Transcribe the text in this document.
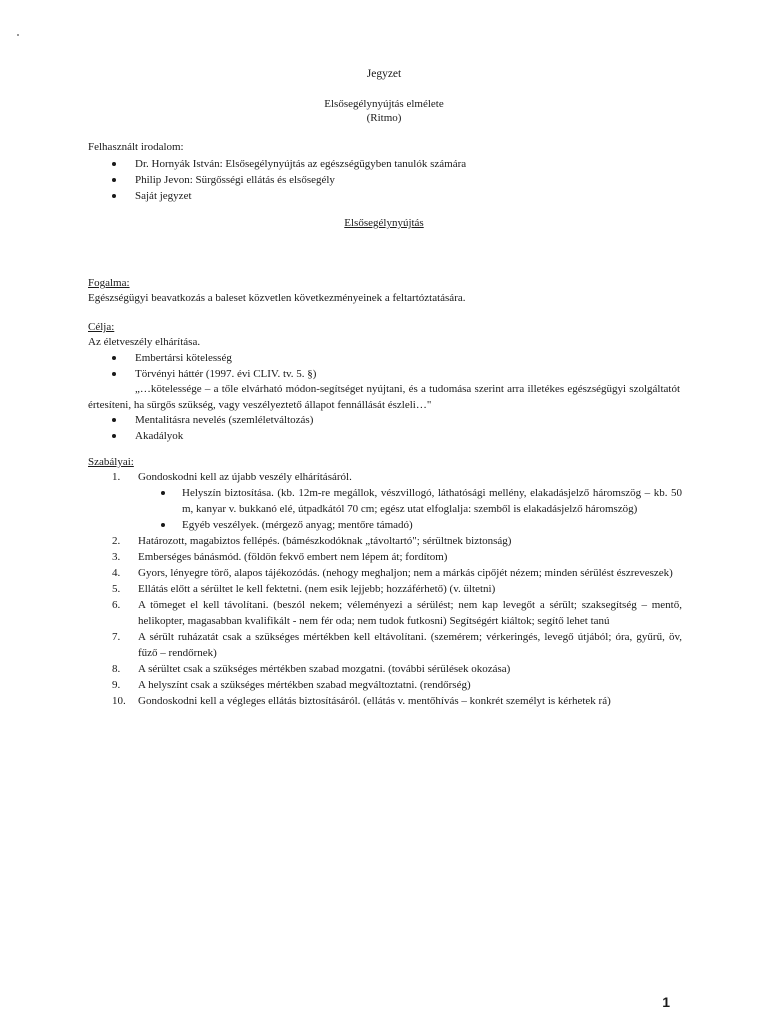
Jegyzet
Elsősegélynyújtás elmélete
(Ritmo)
Felhasznált irodalom:
Dr. Hornyák István: Elsősegélynyújtás az egészségügyben tanulók számára
Philip Jevon: Sürgősségi ellátás és elsősegély
Saját jegyzet
Elsősegélynyújtás
Fogalma:
Egészségügyi beavatkozás a baleset közvetlen következményeinek a feltartóztatására.
Célja:
Az életveszély elhárítása.
Embertársi kötelesség
Törvényi háttér (1997. évi CLIV. tv. 5. §)
„…kötelessége – a tőle elvárható módon-segítséget nyújtani, és a tudomása szerint arra illetékes egészségügyi szolgáltatót értesíteni, ha sürgős szükség, vagy veszélyeztető állapot fennállását észleli…"
Mentalitásra nevelés (szemléletváltozás)
Akadályok
Szabályai:
1.	Gondoskodni kell az újabb veszély elhárításáról.
Helyszín biztosítása. (kb. 12m-re megállok, vészvillogó, láthatósági mellény, elakadásjelző háromszög – kb. 50 m, kanyar v. bukkanó elé, útpadkától 70 cm; egész utat elfoglalja: szemből is elakadásjelző háromszög)
Egyéb veszélyek. (mérgező anyag; mentőre támadó)
2.	Határozott, magabiztos fellépés. (bámészkodóknak „távoltartó"; sérültnek biztonság)
3.	Emberséges bánásmód. (földön fekvő embert nem lépem át; fordítom)
4.	Gyors, lényegre törő, alapos tájékozódás. (nehogy meghaljon; nem a márkás cipőjét nézem; minden sérülést észreveszek)
5.	Ellátás előtt a sérültet le kell fektetni. (nem esik lejjebb; hozzáférhető) (v. ültetni)
6.	A tömeget el kell távolítani. (beszól nekem; véleményezi a sérülést; nem kap levegőt a sérült; szaksegítség – mentő, helikopter, magasabban kvalifikált - nem fér oda; nem tudok futkosni) Segítségért kiáltok; segítő lehet tanú
7.	A sérült ruházatát csak a szükséges mértékben kell eltávolítani. (szemérem; vérkeringés, levegő útjából; óra, gyűrű, öv, fűző – rendőrnek)
8.	A sérültet csak a szükséges mértékben szabad mozgatni. (további sérülések okozása)
9.	A helyszínt csak a szükséges mértékben szabad megváltoztatni. (rendőrség)
10.	Gondoskodni kell a végleges ellátás biztosításáról. (ellátás v. mentőhívás – konkrét személyt is kérhetek rá)
1
